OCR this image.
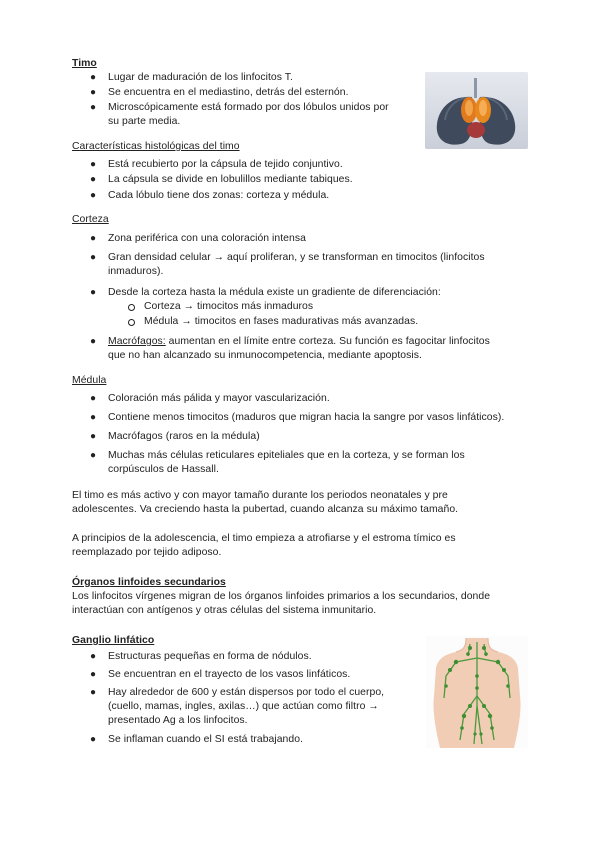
Timo
● Lugar de maduración de los linfocitos T.
● Se encuentra en el mediastino, detrás del esternón.
● Microscópicamente está formado por dos lóbulos unidos por
su parte media.
Características histológicas del timo
● Está recubierto por la cápsula de tejido conjuntivo.
● La cápsula se divide en lobulillos mediante tabiques.
● Cada lóbulo tiene dos zonas: corteza y médula.
Corteza
● Zona periférica con una coloración intensa
● Gran densidad celular → aquí proliferan, y se transforman en timocitos (linfocitos
inmaduros).
● Desde la corteza hasta la médula existe un gradiente de diferenciación:
Corteza → timocitos más inmaduros
Médula → timocitos en fases madurativas más avanzadas.
● Macrófagos: aumentan en el límite entre corteza. Su función es fagocitar linfocitos
que no han alcanzado su inmunocompetencia, mediante apoptosis.
Médula
● Coloración más pálida y mayor vascularización.
● Contiene menos timocitos (maduros que migran hacia la sangre por vasos linfáticos).
● Macrófagos (raros en la médula)
● Muchas más células reticulares epiteliales que en la corteza, y se forman los
corpúsculos de Hassall.
El timo es más activo y con mayor tamaño durante los periodos neonatales y pre
adolescentes. Va creciendo hasta la pubertad, cuando alcanza su máximo tamaño.
A principios de la adolescencia, el timo empieza a atrofiarse y el estroma tímico es
reemplazado por tejido adiposo.
Órganos linfoides secundarios
Los linfocitos vírgenes migran de los órganos linfoides primarios a los secundarios, donde
interactúan con antígenos y otras células del sistema inmunitario.
Ganglio linfático
● Estructuras pequeñas en forma de nódulos.
● Se encuentran en el trayecto de los vasos linfáticos.
● Hay alrededor de 600 y están dispersos por todo el cuerpo,
(cuello, mamas, ingles, axilas…) que actúan como filtro →
presentado Ag a los linfocitos.
● Se inflaman cuando el SI está trabajando.
